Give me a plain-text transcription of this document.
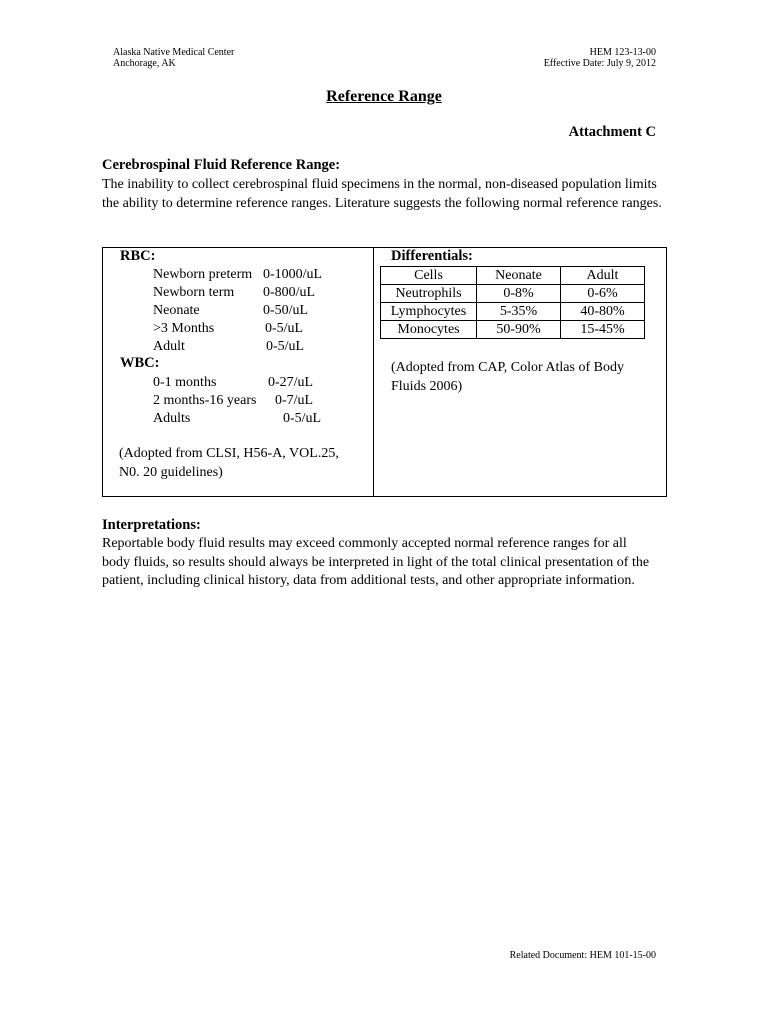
Alaska Native Medical Center
Anchorage, AK
HEM 123-13-00
Effective Date: July 9, 2012
Reference Range
Attachment C
Cerebrospinal Fluid Reference Range:
The inability to collect cerebrospinal fluid specimens in the normal, non-diseased population limits the ability to determine reference ranges. Literature suggests the following normal reference ranges.
RBC:
Newborn preterm 0-1000/uL
Newborn term 0-800/uL
Neonate	0-50/uL
>3 Months	0-5/uL
Adult	0-5/uL
WBC:
0-1 months	0-27/uL
2 months-16 years 0-7/uL
Adults	0-5/uL
(Adopted from CLSI, H56-A, VOL.25,
N0. 20 guidelines)
Differentials:
Cells	Neonate	Adult
Neutrophils	0-8%	0-6%
Lymphocytes	5-35%	40-80%
Monocytes	50-90%	15-45%
(Adopted from CAP, Color Atlas of Body
Fluids 2006)
Interpretations:
Reportable body fluid results may exceed commonly accepted normal reference ranges for all body fluids, so results should always be interpreted in light of the total clinical presentation of the patient, including clinical history, data from additional tests, and other appropriate information.
Related Document: HEM 101-15-00
